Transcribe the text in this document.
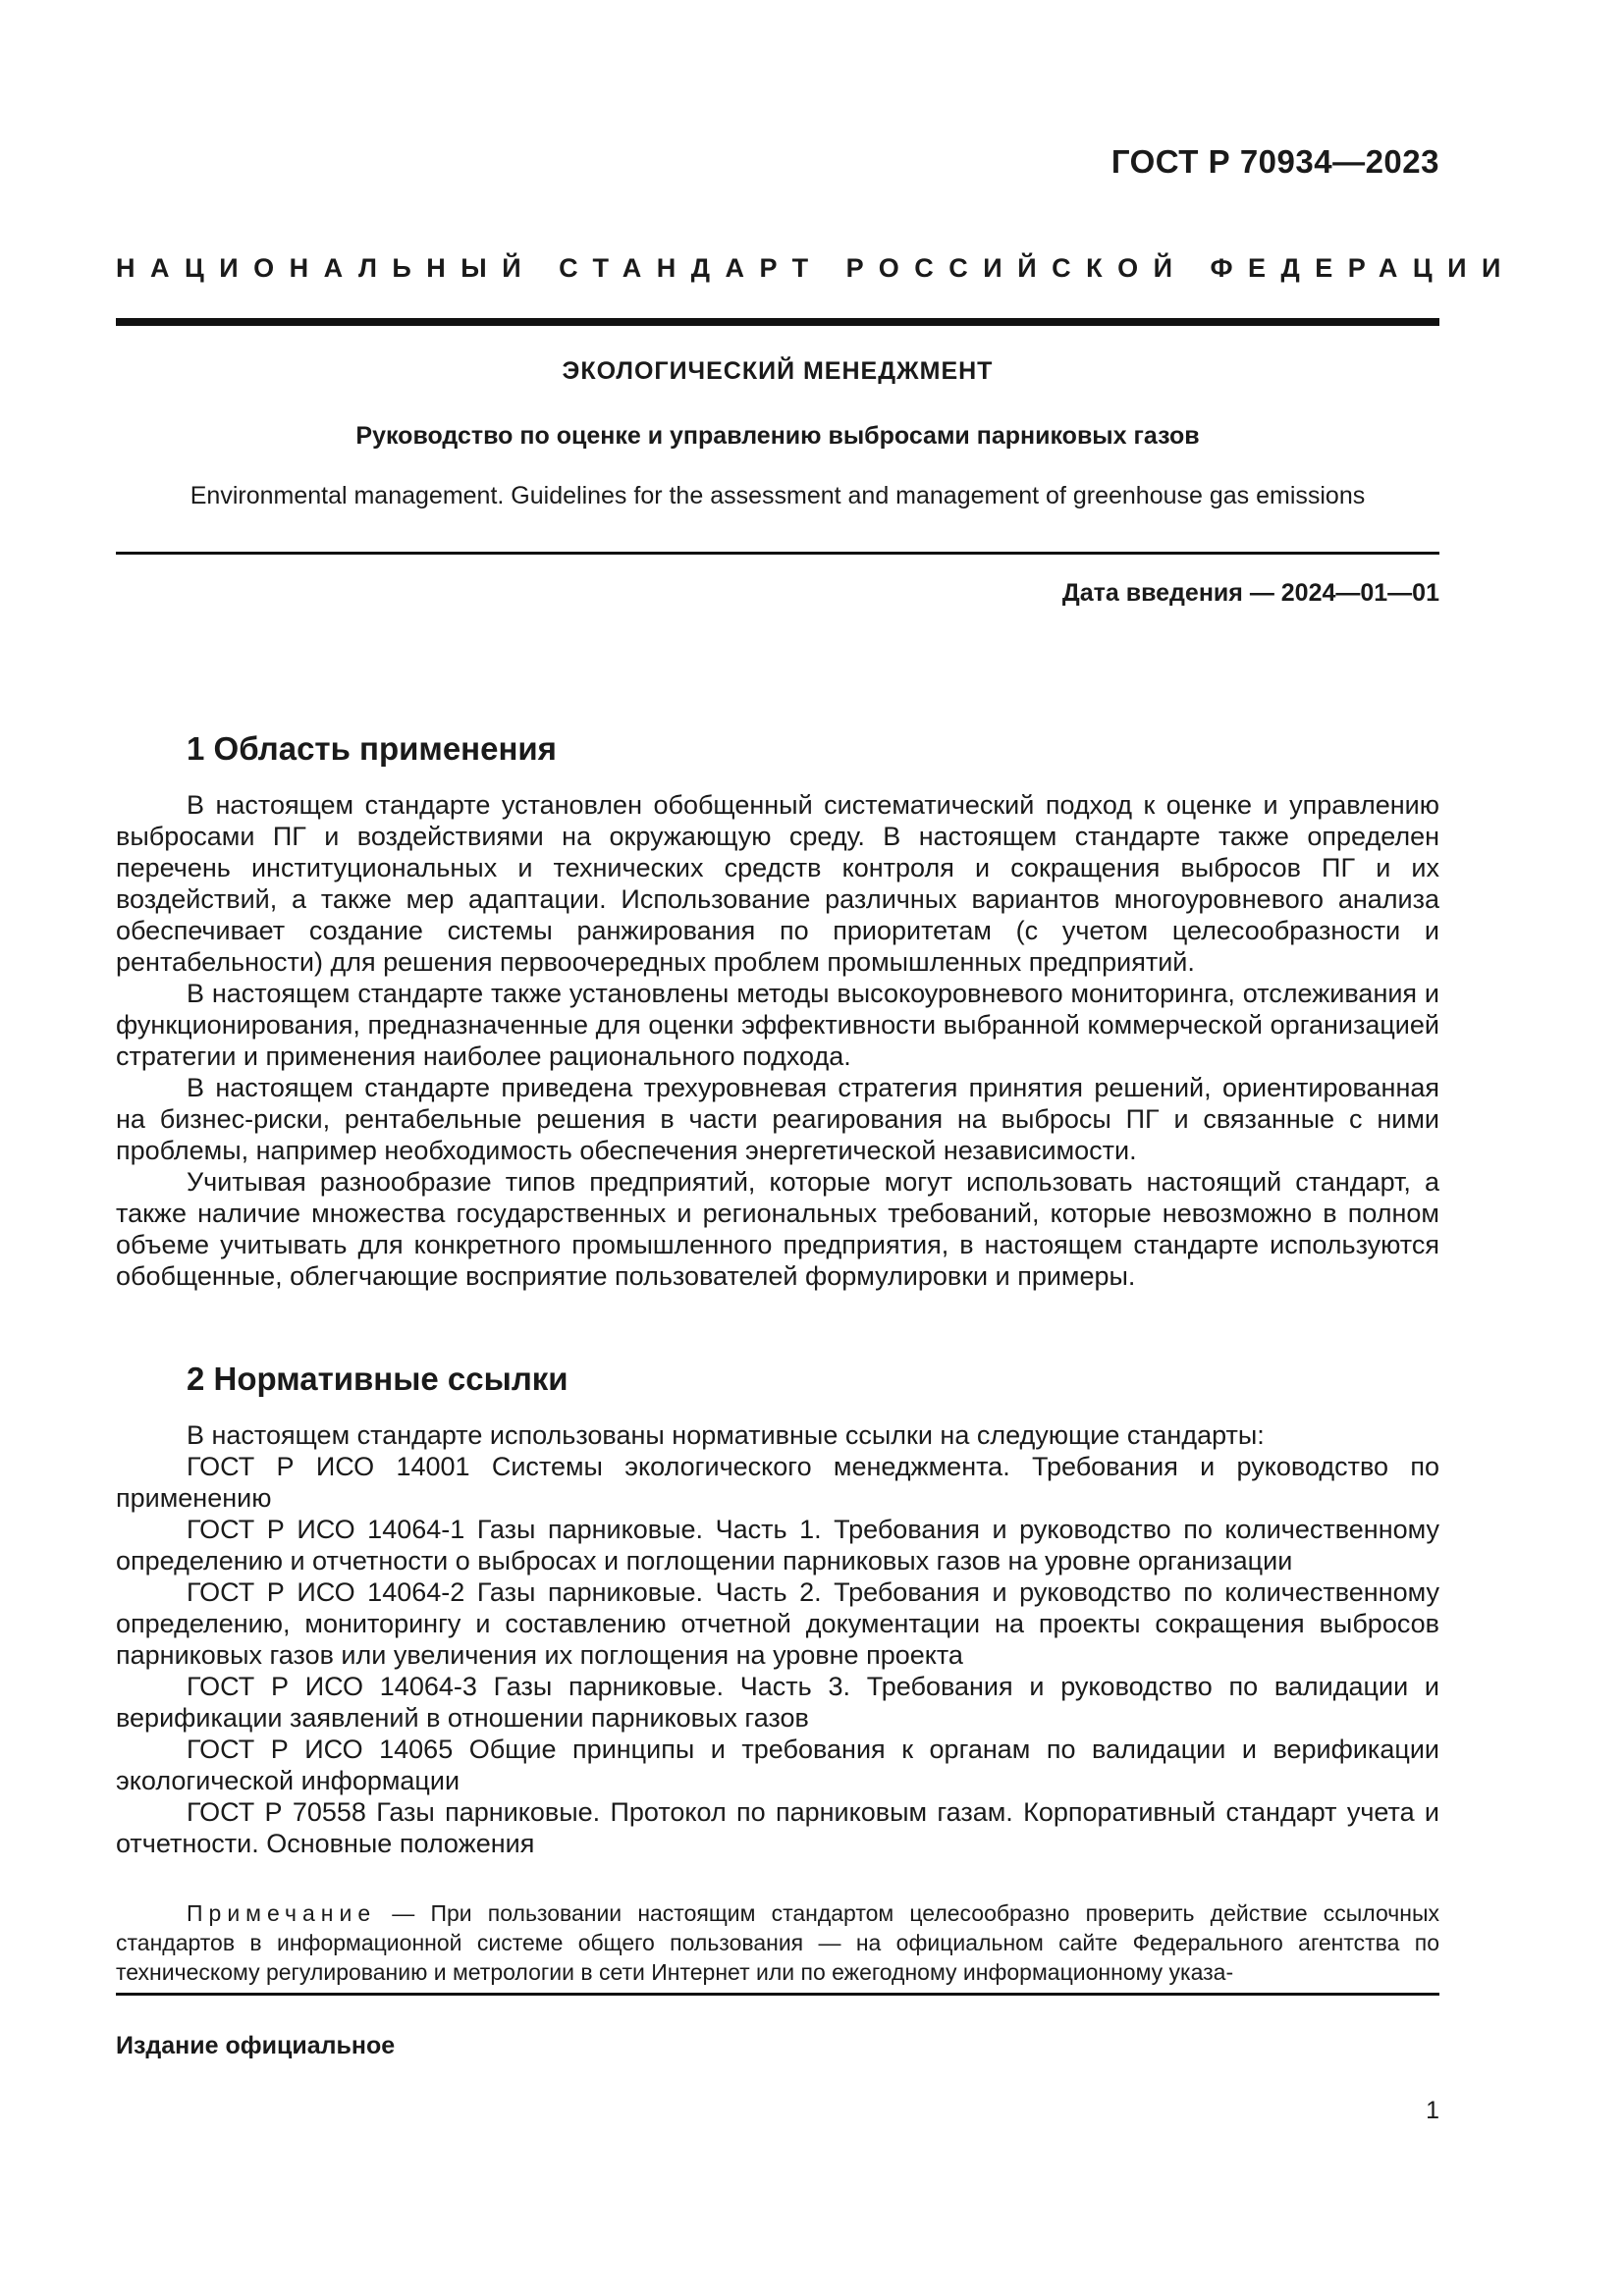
ГОСТ Р 70934—2023
НАЦИОНАЛЬНЫЙ СТАНДАРТ РОССИЙСКОЙ ФЕДЕРАЦИИ
ЭКОЛОГИЧЕСКИЙ МЕНЕДЖМЕНТ
Руководство по оценке и управлению выбросами парниковых газов
Environmental management. Guidelines for the assessment and management of greenhouse gas emissions
Дата введения — 2024—01—01
1 Область применения

В настоящем стандарте установлен обобщенный систематический подход к оценке и управлению выбросами ПГ и воздействиями на окружающую среду. В настоящем стандарте также определен перечень институциональных и технических средств контроля и сокращения выбросов ПГ и их воздействий, а также мер адаптации. Использование различных вариантов многоуровневого анализа обеспечивает создание системы ранжирования по приоритетам (с учетом целесообразности и рентабельности) для решения первоочередных проблем промышленных предприятий.

В настоящем стандарте также установлены методы высокоуровневого мониторинга, отслеживания и функционирования, предназначенные для оценки эффективности выбранной коммерческой организацией стратегии и применения наиболее рационального подхода.

В настоящем стандарте приведена трехуровневая стратегия принятия решений, ориентированная на бизнес-риски, рентабельные решения в части реагирования на выбросы ПГ и связанные с ними проблемы, например необходимость обеспечения энергетической независимости.

Учитывая разнообразие типов предприятий, которые могут использовать настоящий стандарт, а также наличие множества государственных и региональных требований, которые невозможно в полном объеме учитывать для конкретного промышленного предприятия, в настоящем стандарте используются обобщенные, облегчающие восприятие пользователей формулировки и примеры.

2 Нормативные ссылки

В настоящем стандарте использованы нормативные ссылки на следующие стандарты:

ГОСТ Р ИСО 14001 Системы экологического менеджмента. Требования и руководство по применению

ГОСТ Р ИСО 14064-1 Газы парниковые. Часть 1. Требования и руководство по количественному определению и отчетности о выбросах и поглощении парниковых газов на уровне организации

ГОСТ Р ИСО 14064-2 Газы парниковые. Часть 2. Требования и руководство по количественному определению, мониторингу и составлению отчетной документации на проекты сокращения выбросов парниковых газов или увеличения их поглощения на уровне проекта

ГОСТ Р ИСО 14064-3 Газы парниковые. Часть 3. Требования и руководство по валидации и верификации заявлений в отношении парниковых газов

ГОСТ Р ИСО 14065 Общие принципы и требования к органам по валидации и верификации экологической информации

ГОСТ Р 70558 Газы парниковые. Протокол по парниковым газам. Корпоративный стандарт учета и отчетности. Основные положения

Примечание — При пользовании настоящим стандартом целесообразно проверить действие ссылочных стандартов в информационной системе общего пользования — на официальном сайте Федерального агентства по техническому регулированию и метрологии в сети Интернет или по ежегодному информационному указа-
Издание официальное
1
